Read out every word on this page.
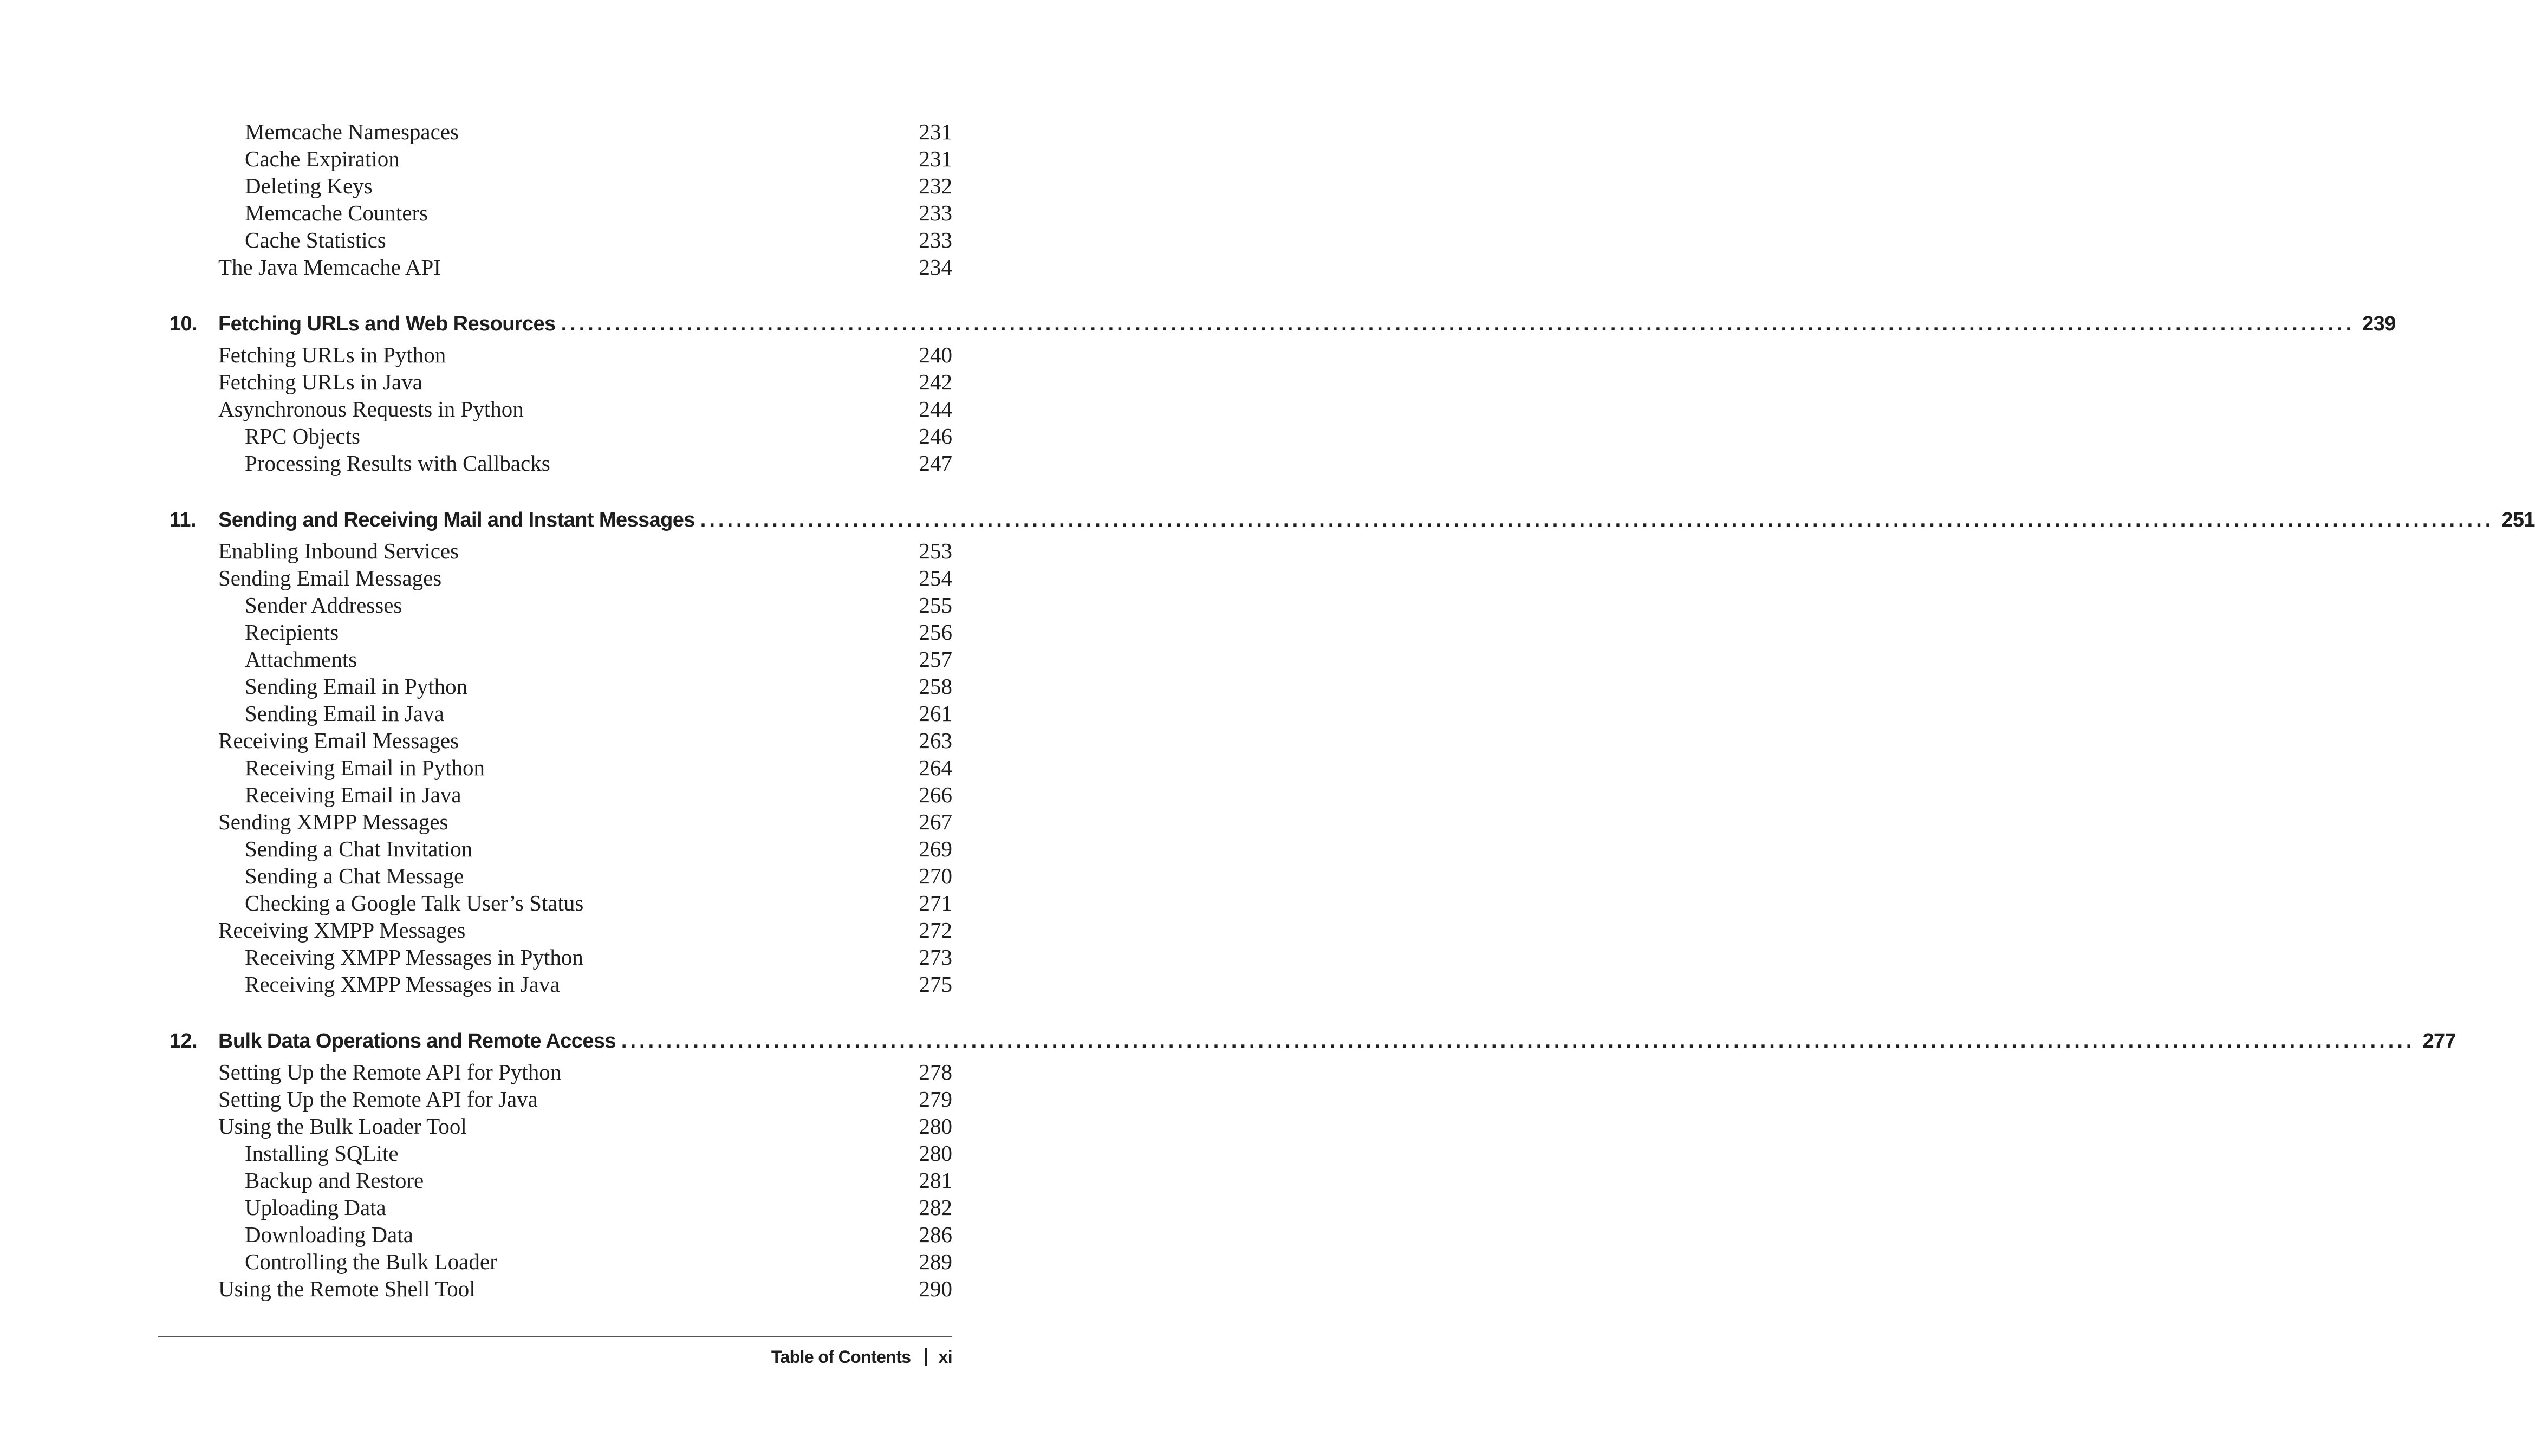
Memcache Namespaces	231
Cache Expiration	231
Deleting Keys	232
Memcache Counters	233
Cache Statistics	233
The Java Memcache API	234
10. Fetching URLs and Web Resources ........................................................................................................................................................................................................ 239
Fetching URLs in Python	240
Fetching URLs in Java	242
Asynchronous Requests in Python	244
RPC Objects	246
Processing Results with Callbacks	247
11. Sending and Receiving Mail and Instant Messages ........................................................................................................................................................................................................ 251
Enabling Inbound Services	253
Sending Email Messages	254
Sender Addresses	255
Recipients	256
Attachments	257
Sending Email in Python	258
Sending Email in Java	261
Receiving Email Messages	263
Receiving Email in Python	264
Receiving Email in Java	266
Sending XMPP Messages	267
Sending a Chat Invitation	269
Sending a Chat Message	270
Checking a Google Talk User’s Status	271
Receiving XMPP Messages	272
Receiving XMPP Messages in Python	273
Receiving XMPP Messages in Java	275
12. Bulk Data Operations and Remote Access ........................................................................................................................................................................................................ 277
Setting Up the Remote API for Python	278
Setting Up the Remote API for Java	279
Using the Bulk Loader Tool	280
Installing SQLite	280
Backup and Restore	281
Uploading Data	282
Downloading Data	286
Controlling the Bulk Loader	289
Using the Remote Shell Tool	290
Table of Contents xi
